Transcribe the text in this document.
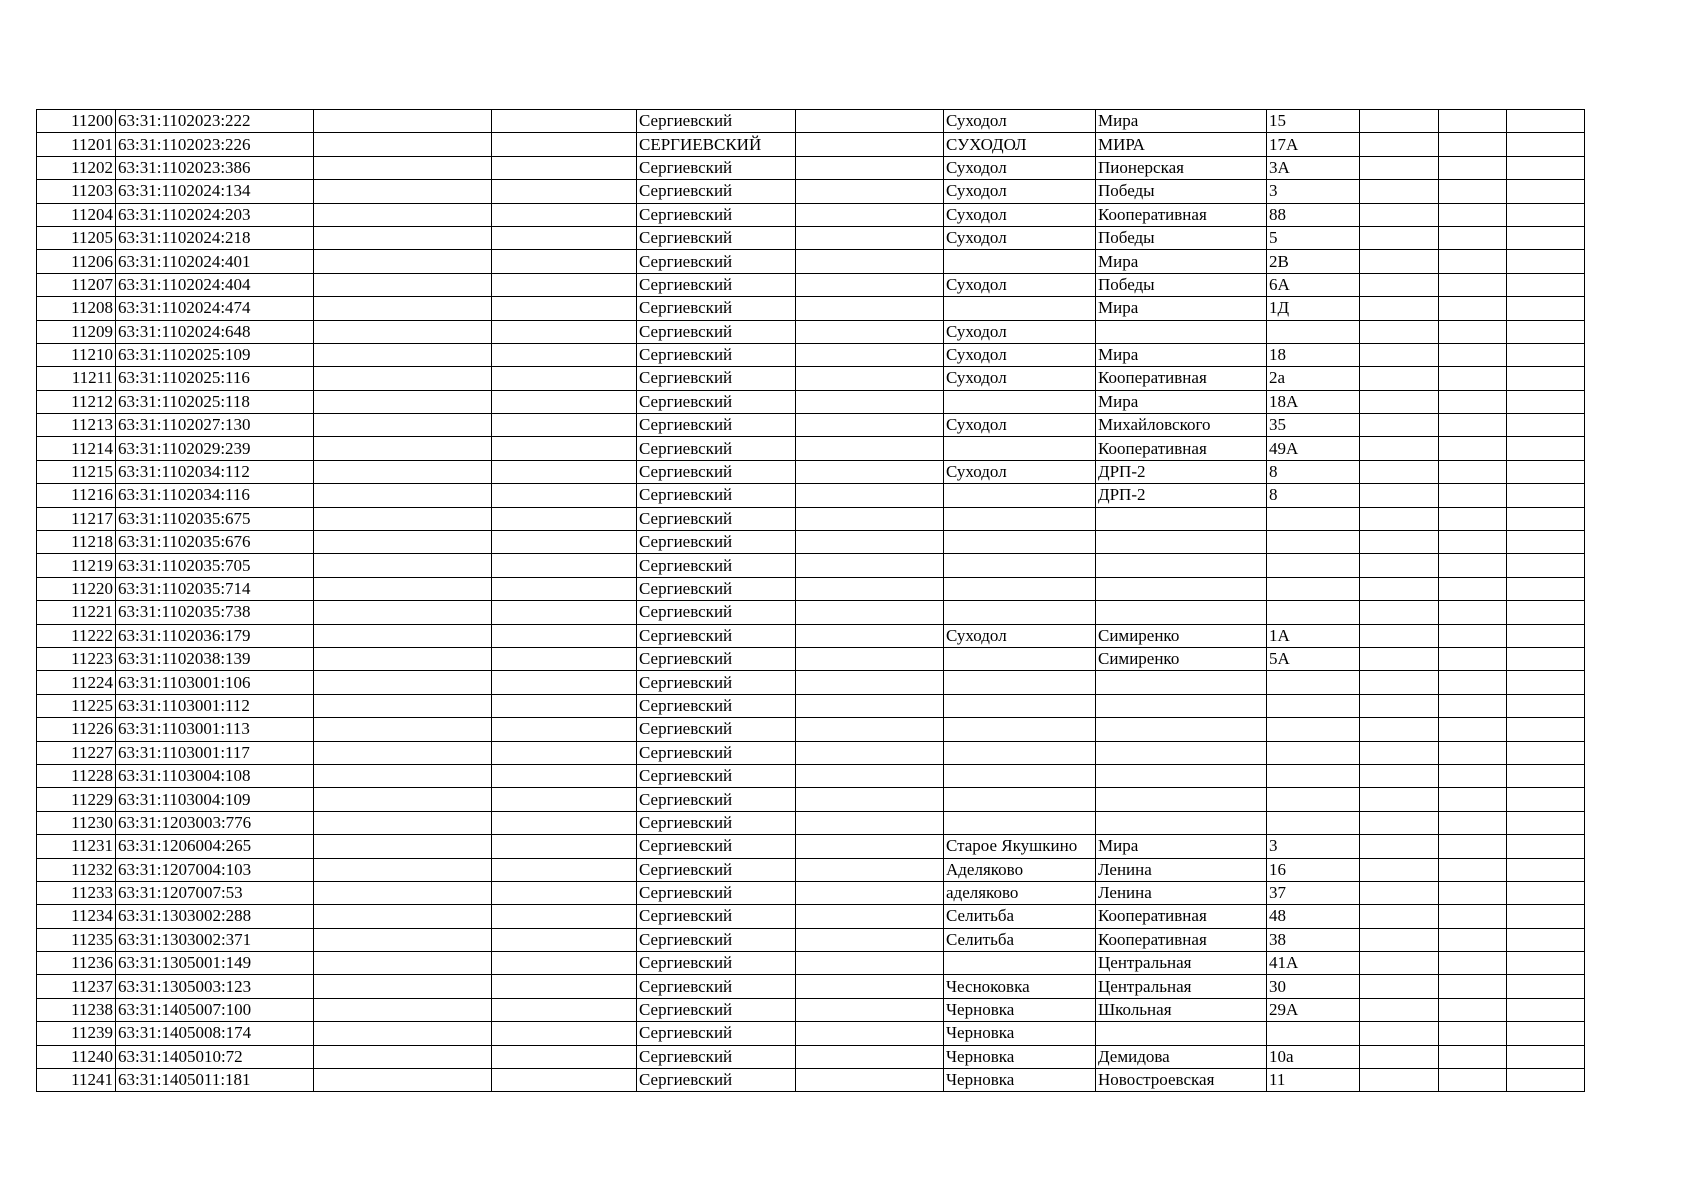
11200	63:31:1102023:222			Сергиевский		Суходол	Мира	15			
11201	63:31:1102023:226			СЕРГИЕВСКИЙ		СУХОДОЛ	МИРА	17А			
11202	63:31:1102023:386			Сергиевский		Суходол	Пионерская	3А			
11203	63:31:1102024:134			Сергиевский		Суходол	Победы	3			
11204	63:31:1102024:203			Сергиевский		Суходол	Кооперативная	88			
11205	63:31:1102024:218			Сергиевский		Суходол	Победы	5			
11206	63:31:1102024:401			Сергиевский			Мира	2В			
11207	63:31:1102024:404			Сергиевский		Суходол	Победы	6А			
11208	63:31:1102024:474			Сергиевский			Мира	1Д			
11209	63:31:1102024:648			Сергиевский		Суходол					
11210	63:31:1102025:109			Сергиевский		Суходол	Мира	18			
11211	63:31:1102025:116			Сергиевский		Суходол	Кооперативная	2а			
11212	63:31:1102025:118			Сергиевский			Мира	18А			
11213	63:31:1102027:130			Сергиевский		Суходол	Михайловского	35			
11214	63:31:1102029:239			Сергиевский			Кооперативная	49А			
11215	63:31:1102034:112			Сергиевский		Суходол	ДРП-2	8			
11216	63:31:1102034:116			Сергиевский			ДРП-2	8			
11217	63:31:1102035:675			Сергиевский							
11218	63:31:1102035:676			Сергиевский							
11219	63:31:1102035:705			Сергиевский							
11220	63:31:1102035:714			Сергиевский							
11221	63:31:1102035:738			Сергиевский							
11222	63:31:1102036:179			Сергиевский		Суходол	Симиренко	1А			
11223	63:31:1102038:139			Сергиевский			Симиренко	5А			
11224	63:31:1103001:106			Сергиевский							
11225	63:31:1103001:112			Сергиевский							
11226	63:31:1103001:113			Сергиевский							
11227	63:31:1103001:117			Сергиевский							
11228	63:31:1103004:108			Сергиевский							
11229	63:31:1103004:109			Сергиевский							
11230	63:31:1203003:776			Сергиевский							
11231	63:31:1206004:265			Сергиевский		Старое Якушкино	Мира	3			
11232	63:31:1207004:103			Сергиевский		Аделяково	Ленина	16			
11233	63:31:1207007:53			Сергиевский		аделяково	Ленина	37			
11234	63:31:1303002:288			Сергиевский		Селитьба	Кооперативная	48			
11235	63:31:1303002:371			Сергиевский		Селитьба	Кооперативная	38			
11236	63:31:1305001:149			Сергиевский			Центральная	41А			
11237	63:31:1305003:123			Сергиевский		Чесноковка	Центральная	30			
11238	63:31:1405007:100			Сергиевский		Черновка	Школьная	29А			
11239	63:31:1405008:174			Сергиевский		Черновка					
11240	63:31:1405010:72			Сергиевский		Черновка	Демидова	10а			
11241	63:31:1405011:181			Сергиевский		Черновка	Новостроевская	11			
